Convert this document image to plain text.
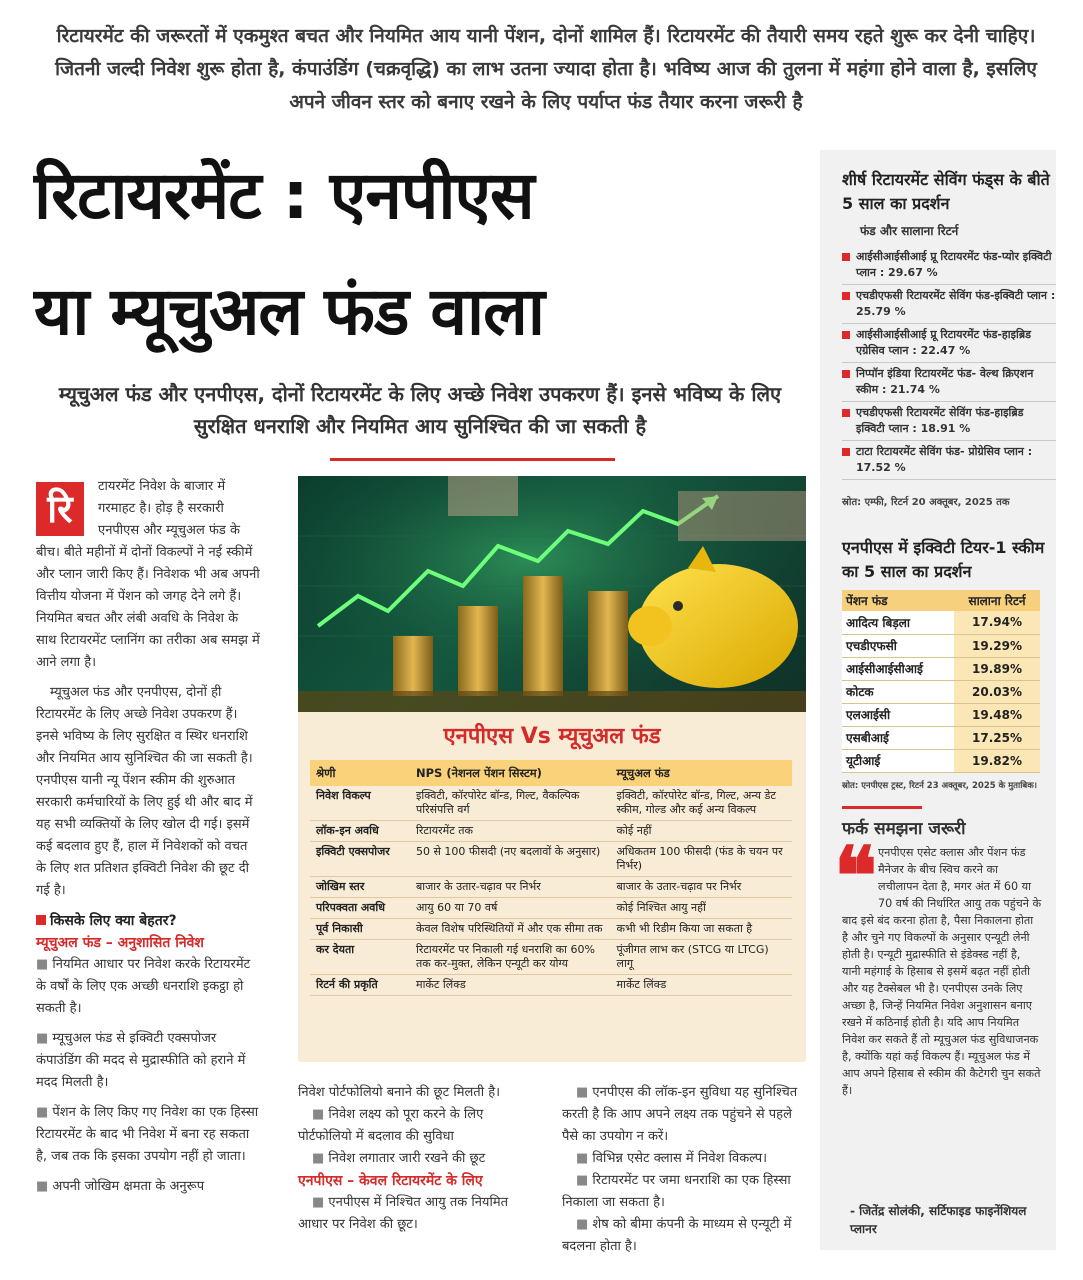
रिटायरमेंट की जरूरतों में एकमुश्त बचत और नियमित आय यानी पेंशन, दोनों शामिल हैं। रिटायरमेंट की तैयारी समय रहते शुरू कर देनी चाहिए। जितनी जल्दी निवेश शुरू होता है, कंपाउंडिंग (चक्रवृद्धि) का लाभ उतना ज्यादा होता है। भविष्य आज की तुलना में महंगा होने वाला है, इसलिए अपने जीवन स्तर को बनाए रखने के लिए पर्याप्त फंड तैयार करना जरूरी है
रिटायरमेंट : एनपीएस
या म्यूचुअल फंड वाला
म्यूचुअल फंड और एनपीएस, दोनों रिटायरमेंट के लिए अच्छे निवेश उपकरण हैं। इनसे भविष्य के लिए सुरक्षित धनराशि और नियमित आय सुनिश्चित की जा सकती है
रि

टायरमेंट निवेश के बाजार में गरमाहट है। होड़ है सरकारी एनपीएस और म्यूचुअल फंड के बीच। बीते महीनों में दोनों विकल्पों ने नई स्कीमें और प्लान जारी किए हैं। निवेशक भी अब अपनी वित्तीय योजना में पेंशन को जगह देने लगे हैं। नियमित बचत और लंबी अवधि के निवेश के साथ रिटायरमेंट प्लानिंग का तरीका अब समझ में आने लगा है।

म्यूचुअल फंड और एनपीएस, दोनों ही रिटायरमेंट के लिए अच्छे निवेश उपकरण हैं। इनसे भविष्य के लिए सुरक्षित व स्थिर धनराशि और नियमित आय सुनिश्चित की जा सकती है। एनपीएस यानी न्यू पेंशन स्कीम की शुरुआत सरकारी कर्मचारियों के लिए हुई थी और बाद में यह सभी व्यक्तियों के लिए खोल दी गई। इसमें कई बदलाव हुए हैं, हाल में निवेशकों को वचत के लिए शत प्रतिशत इक्विटी निवेश की छूट दी गई है।

किसके लिए क्या बेहतर?
म्यूचुअल फंड – अनुशासित निवेश

■ नियमित आधार पर निवेश करके रिटायरमेंट के वर्षों के लिए एक अच्छी धनराशि इकट्ठा हो सकती है।

■ म्यूचुअल फंड से इक्विटी एक्सपोजर कंपाउंडिंग की मदद से मुद्रास्फीति को हराने में मदद मिलती है।

■ पेंशन के लिए किए गए निवेश का एक हिस्सा रिटायरमेंट के बाद भी निवेश में बना रह सकता है, जब तक कि इसका उपयोग नहीं हो जाता।

■ अपनी जोखिम क्षमता के अनुरूप

एनपीएस Vs म्यूचुअल फंड
श्रेणी	NPS (नेशनल पेंशन सिस्टम)	म्यूचुअल फंड
निवेश विकल्प	इक्विटी, कॉरपोरेट बॉन्ड, गिल्ट, वैकल्पिक परिसंपत्ति वर्ग	इक्विटी, कॉरपोरेट बॉन्ड, गिल्ट, अन्य डेट स्कीम, गोल्ड और कई अन्य विकल्प
लॉक-इन अवधि	रिटायरमेंट तक	कोई नहीं
इक्विटी एक्सपोजर	50 से 100 फीसदी (नए बदलावों के अनुसार)	अधिकतम 100 फीसदी (फंड के चयन पर निर्भर)
जोखिम स्तर	बाजार के उतार-चढ़ाव पर निर्भर	बाजार के उतार-चढ़ाव पर निर्भर
परिपक्वता अवधि	आयु 60 या 70 वर्ष	कोई निश्चित आयु नहीं
पूर्व निकासी	केवल विशेष परिस्थितियों में और एक सीमा तक	कभी भी रिडीम किया जा सकता है
कर देयता	रिटायरमेंट पर निकाली गई धनराशि का 60% तक कर-मुक्त, लेकिन एन्यूटी कर योग्य	पूंजीगत लाभ कर (STCG या LTCG) लागू
रिटर्न की प्रकृति	मार्केट लिंक्ड	मार्केट लिंक्ड

निवेश पोर्टफोलियो बनाने की छूट मिलती है।

■ निवेश लक्ष्य को पूरा करने के लिए पोर्टफोलियो में बदलाव की सुविधा

■ निवेश लगातार जारी रखने की छूट

एनपीएस – केवल रिटायरमेंट के लिए

■ एनपीएस में निश्चित आयु तक नियमित आधार पर निवेश की छूट।

■ एनपीएस की लॉक-इन सुविधा यह सुनिश्चित करती है कि आप अपने लक्ष्य तक पहुंचने से पहले पैसे का उपयोग न करें।

■ विभिन्न एसेट क्लास में निवेश विकल्प।

■ रिटायरमेंट पर जमा धनराशि का एक हिस्सा निकाला जा सकता है।

■ शेष को बीमा कंपनी के माध्यम से एन्यूटी में बदलना होता है।

शीर्ष रिटायरमेंट सेविंग फंड्स के बीते 5 साल का प्रदर्शन
फंड और सालाना रिटर्न
आईसीआईसीआई प्रू रिटायरमेंट फंड-प्योर इक्विटी प्लान : 29.67 %
एचडीएफसी रिटायरमेंट सेविंग फंड-इक्विटी प्लान : 25.79 %
आईसीआईसीआई प्रू रिटायरमेंट फंड-हाइब्रिड एग्रेसिव प्लान : 22.47 %
निप्पॉन इंडिया रिटायरमेंट फंड- वेल्थ क्रिएशन स्कीम : 21.74 %
एचडीएफसी रिटायरमेंट सेविंग फंड-हाइब्रिड इक्विटी प्लान : 18.91 %
टाटा रिटायरमेंट सेविंग फंड- प्रोग्रेसिव प्लान : 17.52 %
स्रोत: एम्फी, रिटर्न 20 अक्तूबर, 2025 तक
एनपीएस में इक्विटी टियर-1 स्कीम का 5 साल का प्रदर्शन
पेंशन फंड	सालाना रिटर्न
आदित्य बिड़ला	17.94%
एचडीएफसी	19.29%
आईसीआईसीआई	19.89%
कोटक	20.03%
एलआईसी	19.48%
एसबीआई	17.25%
यूटीआई	19.82%
स्रोत: एनपीएस ट्रस्ट, रिटर्न 23 अक्तूबर, 2025 के मुताबिक।
फर्क समझना जरूरी
❝ एनपीएस एसेट क्लास और पेंशन फंड मैनेजर के बीच स्विच करने का लचीलापन देता है, मगर अंत में 60 या 70 वर्ष की निर्धारित आयु तक पहुंचने के बाद इसे बंद करना होता है, पैसा निकालना होता है और चुने गए विकल्पों के अनुसार एन्यूटी लेनी होती है। एन्यूटी मुद्रास्फीति से इंडेक्स्ड नहीं है, यानी महंगाई के हिसाब से इसमें बढ़त नहीं होती और यह टैक्सेबल भी है। एनपीएस उनके लिए अच्छा है, जिन्हें नियमित निवेश अनुशासन बनाए रखने में कठिनाई होती है। यदि आप नियमित निवेश कर सकते हैं तो म्यूचुअल फंड सुविधाजनक है, क्योंकि यहां कई विकल्प हैं। म्यूचुअल फंड में आप अपने हिसाब से स्कीम की कैटेगरी चुन सकते हैं।
- जितेंद्र सोलंकी, सर्टिफाइड फाइनेंशियल प्लानर
